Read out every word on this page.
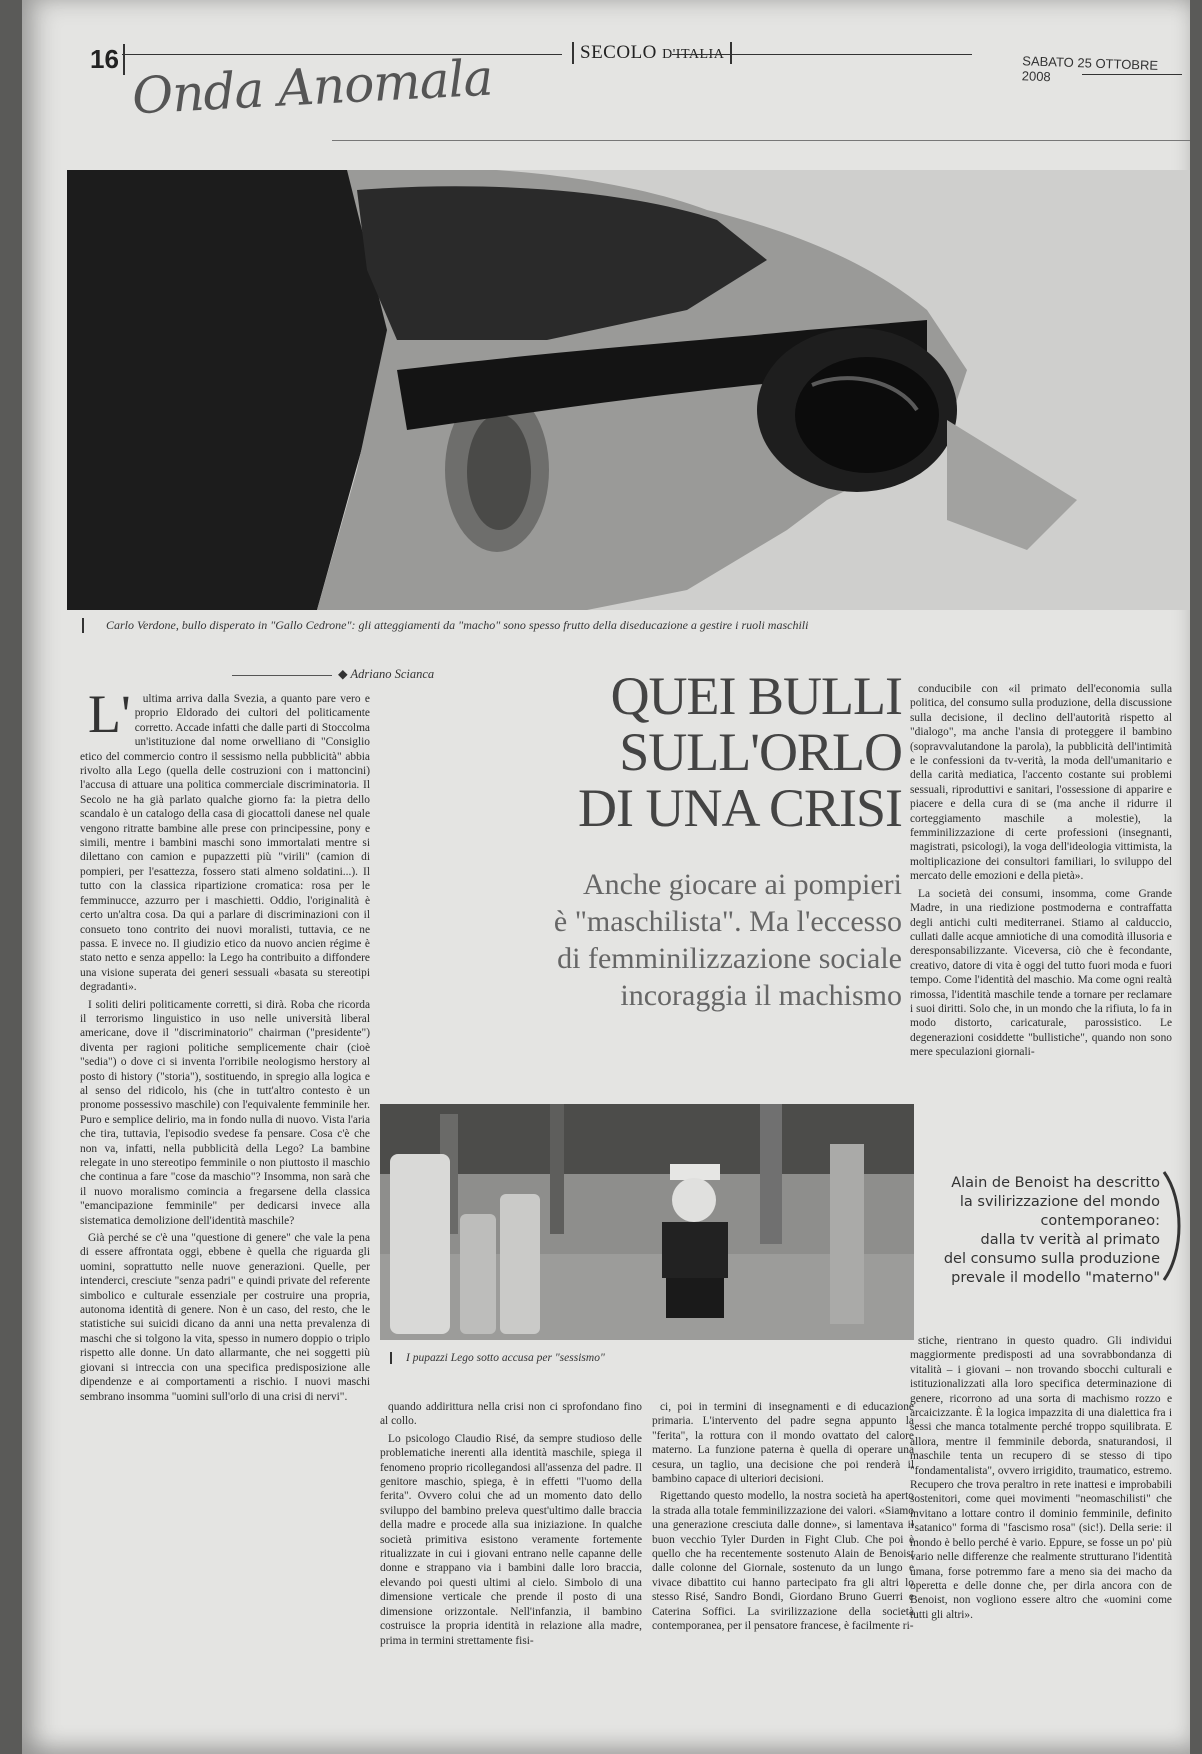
16	SECOLO D'ITALIA	SABATO 25 OTTOBRE 2008
Onda Anomala
Carlo Verdone, bullo disperato in "Gallo Cedrone": gli atteggiamenti da "macho" sono spesso frutto della diseducazione a gestire i ruoli maschili
◆ Adriano Scianca

L'ultima arriva dalla Svezia, a quanto pare vero e proprio Eldorado dei cultori del politicamente corretto. Accade infatti che dalle parti di Stoccolma un'istituzione dal nome orwelliano di "Consiglio etico del commercio contro il sessismo nella pubblicità" abbia rivolto alla Lego (quella delle costruzioni con i mattoncini) l'accusa di attuare una politica commerciale discriminatoria. Il Secolo ne ha già parlato qualche giorno fa: la pietra dello scandalo è un catalogo della casa di giocattoli danese nel quale vengono ritratte bambine alle prese con principessine, pony e simili, mentre i bambini maschi sono immortalati mentre si dilettano con camion e pupazzetti più "virili" (camion di pompieri, per l'esattezza, fossero stati almeno soldatini...). Il tutto con la classica ripartizione cromatica: rosa per le femminucce, azzurro per i maschietti. Oddio, l'originalità è certo un'altra cosa. Da qui a parlare di discriminazioni con il consueto tono contrito dei nuovi moralisti, tuttavia, ce ne passa. E invece no. Il giudizio etico da nuovo ancien régime è stato netto e senza appello: la Lego ha contribuito a diffondere una visione superata dei generi sessuali «basata su stereotipi degradanti».

I soliti deliri politicamente corretti, si dirà. Roba che ricorda il terrorismo linguistico in uso nelle università liberal americane, dove il "discriminatorio" chairman ("presidente") diventa per ragioni politiche semplicemente chair (cioè "sedia") o dove ci si inventa l'orribile neologismo herstory al posto di history ("storia"), sostituendo, in spregio alla logica e al senso del ridicolo, his (che in tutt'altro contesto è un pronome possessivo maschile) con l'equivalente femminile her. Puro e semplice delirio, ma in fondo nulla di nuovo. Vista l'aria che tira, tuttavia, l'episodio svedese fa pensare. Cosa c'è che non va, infatti, nella pubblicità della Lego? La bambine relegate in uno stereotipo femminile o non piuttosto il maschio che continua a fare "cose da maschio"? Insomma, non sarà che il nuovo moralismo comincia a fregarsene della classica "emancipazione femminile" per dedicarsi invece alla sistematica demolizione dell'identità maschile?

Già perché se c'è una "questione di genere" che vale la pena di essere affrontata oggi, ebbene è quella che riguarda gli uomini, soprattutto nelle nuove generazioni. Quelle, per intenderci, cresciute "senza padri" e quindi private del referente simbolico e culturale essenziale per costruire una propria, autonoma identità di genere. Non è un caso, del resto, che le statistiche sui suicidi dicano da anni una netta prevalenza di maschi che si tolgono la vita, spesso in numero doppio o triplo rispetto alle donne. Un dato allarmante, che nei soggetti più giovani si intreccia con una specifica predisposizione alle dipendenze e ai comportamenti a rischio. I nuovi maschi sembrano insomma "uomini sull'orlo di una crisi di nervi".

QUEI BULLI
SULL'ORLO
DI UNA CRISI
Anche giocare ai pompieri
è "maschilista". Ma l'eccesso
di femminilizzazione sociale
incoraggia il machismo
I pupazzi Lego sotto accusa per "sessismo"

quando addirittura nella crisi non ci sprofondano fino al collo.

Lo psicologo Claudio Risé, da sempre studioso delle problematiche inerenti alla identità maschile, spiega il fenomeno proprio ricollegandosi all'assenza del padre. Il genitore maschio, spiega, è in effetti "l'uomo della ferita". Ovvero colui che ad un momento dato dello sviluppo del bambino preleva quest'ultimo dalle braccia della madre e procede alla sua iniziazione. In qualche società primitiva esistono veramente fortemente ritualizzate in cui i giovani entrano nelle capanne delle donne e strappano via i bambini dalle loro braccia, elevando poi questi ultimi al cielo. Simbolo di una dimensione verticale che prende il posto di una dimensione orizzontale. Nell'infanzia, il bambino costruisce la propria identità in relazione alla madre, prima in termini strettamente fisi-

ci, poi in termini di insegnamenti e di educazione primaria. L'intervento del padre segna appunto la "ferita", la rottura con il mondo ovattato del calore materno. La funzione paterna è quella di operare una cesura, un taglio, una decisione che poi renderà il bambino capace di ulteriori decisioni.

Rigettando questo modello, la nostra società ha aperto la strada alla totale femminilizzazione dei valori. «Siamo una generazione cresciuta dalle donne», si lamentava il buon vecchio Tyler Durden in Fight Club. Che poi è quello che ha recentemente sostenuto Alain de Benoist dalle colonne del Giornale, sostenuto da un lungo e vivace dibattito cui hanno partecipato fra gli altri lo stesso Risé, Sandro Bondi, Giordano Bruno Guerri e Caterina Soffici. La svirilizzazione della società contemporanea, per il pensatore francese, è facilmente ri-

conducibile con «il primato dell'economia sulla politica, del consumo sulla produzione, della discussione sulla decisione, il declino dell'autorità rispetto al "dialogo", ma anche l'ansia di proteggere il bambino (sopravvalutandone la parola), la pubblicità dell'intimità e le confessioni da tv-verità, la moda dell'umanitario e della carità mediatica, l'accento costante sui problemi sessuali, riproduttivi e sanitari, l'ossessione di apparire e piacere e della cura di se (ma anche il ridurre il corteggiamento maschile a molestie), la femminilizzazione di certe professioni (insegnanti, magistrati, psicologi), la voga dell'ideologia vittimista, la moltiplicazione dei consultori familiari, lo sviluppo del mercato delle emozioni e della pietà».

La società dei consumi, insomma, come Grande Madre, in una riedizione postmoderna e contraffatta degli antichi culti mediterranei. Stiamo al calduccio, cullati dalle acque amniotiche di una comodità illusoria e deresponsabilizzante. Viceversa, ciò che è fecondante, creativo, datore di vita è oggi del tutto fuori moda e fuori tempo. Come l'identità del maschio. Ma come ogni realtà rimossa, l'identità maschile tende a tornare per reclamare i suoi diritti. Solo che, in un mondo che la rifiuta, lo fa in modo distorto, caricaturale, parossistico. Le degenerazioni cosiddette "bullistiche", quando non sono mere speculazioni giornali-

Alain de Benoist ha descritto
la svilirizzazione del mondo
contemporaneo:
dalla tv verità al primato
del consumo sulla produzione
prevale il modello "materno"

stiche, rientrano in questo quadro. Gli individui maggiormente predisposti ad una sovrabbondanza di vitalità – i giovani – non trovando sbocchi culturali e istituzionalizzati alla loro specifica determinazione di genere, ricorrono ad una sorta di machismo rozzo e arcaicizzante. È la logica impazzita di una dialettica fra i sessi che manca totalmente perché troppo squilibrata. E allora, mentre il femminile deborda, snaturandosi, il maschile tenta un recupero di se stesso di tipo "fondamentalista", ovvero irrigidito, traumatico, estremo. Recupero che trova peraltro in rete inattesi e improbabili sostenitori, come quei movimenti "neomaschilisti" che invitano a lottare contro il dominio femminile, definito "satanico" forma di "fascismo rosa" (sic!). Della serie: il mondo è bello perché è vario. Eppure, se fosse un po' più vario nelle differenze che realmente strutturano l'identità umana, forse potremmo fare a meno sia dei macho da operetta e delle donne che, per dirla ancora con de Benoist, non vogliono essere altro che «uomini come tutti gli altri».
